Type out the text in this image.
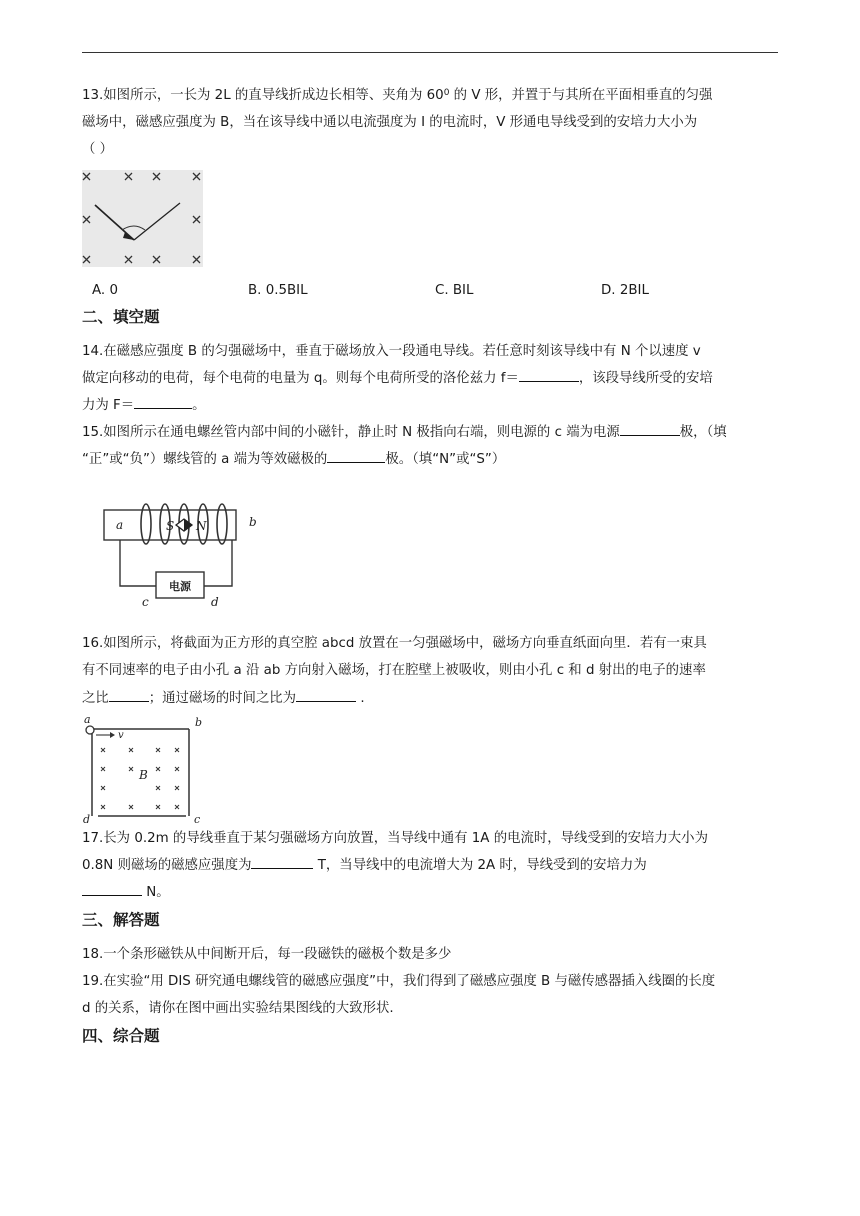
13.如图所示，一长为 2L 的直导线折成边长相等、夹角为 $60^0$ 的 V 形，并置于与其所在平面相垂直的匀强
磁场中，磁感应强度为 B，当在该导线中通以电流强度为 I 的电流时，V 形通电导线受到的安培力大小为
（ ）
A. 0	B. 0.5BIL	C. BIL	D. 2BIL
二、填空题
14.在磁感应强度 B 的匀强磁场中，垂直于磁场放入一段通电导线。若任意时刻该导线中有 N 个以速度 v
做定向移动的电荷，每个电荷的电量为 q。则每个电荷所受的洛伦兹力 f＝	，该段导线所受的安培
力为 F＝	。
15.如图所示在通电螺丝管内部中间的小磁针，静止时 N 极指向右端，则电源的 c 端为电源	极，（填
“正”或“负”）螺线管的 a 端为等效磁极的	极。（填“N”或“S”）
电源
a	b
S N
c	d
16.如图所示，将截面为正方形的真空腔 abcd 放置在一匀强磁场中，磁场方向垂直纸面向里．若有一束具
有不同速率的电子由小孔 a 沿 ab 方向射入磁场，打在腔壁上被吸收，则由小孔 c 和 d 射出的电子的速率
之比	；通过磁场的时间之比为	.
a	b
v
B
d	c
17.长为 0.2m 的导线垂直于某匀强磁场方向放置，当导线中通有 1A 的电流时，导线受到的安培力大小为
0.8N 则磁场的磁感应强度为	T，当导线中的电流增大为 2A 时，导线受到的安培力为
N。
三、解答题
18.一个条形磁铁从中间断开后，每一段磁铁的磁极个数是多少
19.在实验“用 DIS 研究通电螺线管的磁感应强度”中，我们得到了磁感应强度 B 与磁传感器插入线圈的长度
d 的关系，请你在图中画出实验结果图线的大致形状.
四、综合题
